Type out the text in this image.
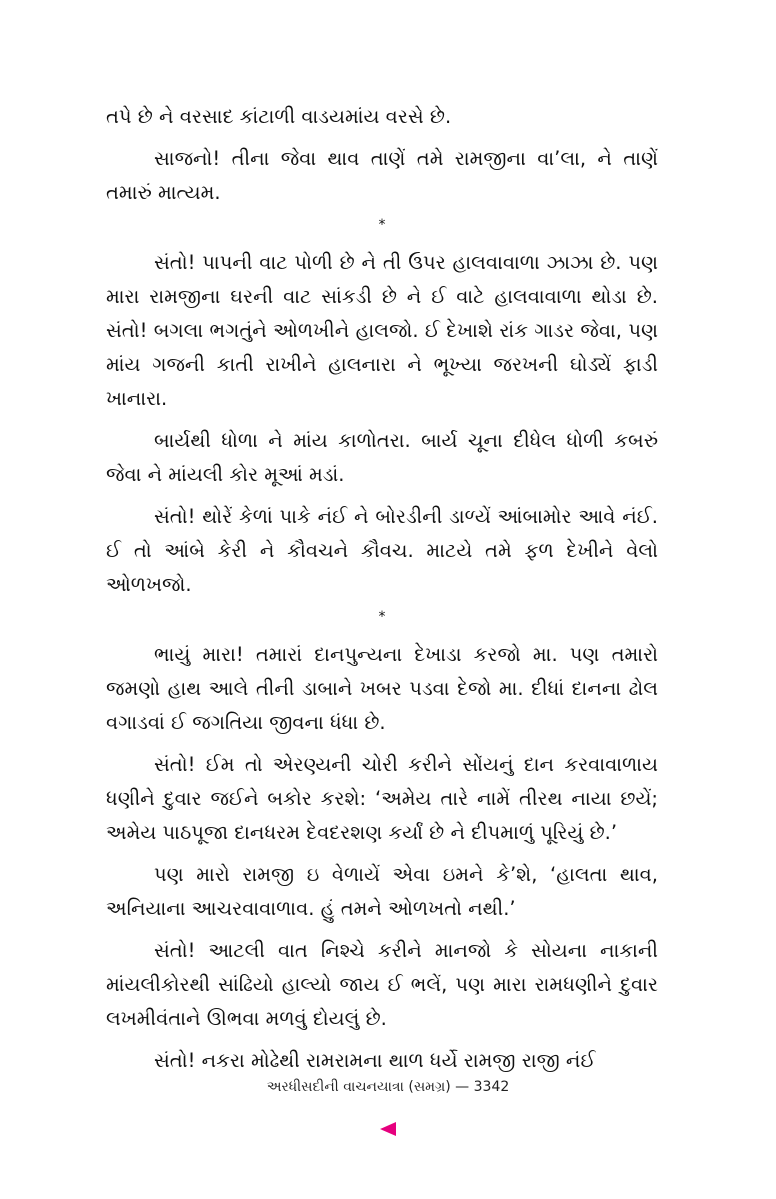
તપે છે ને વરસાદ કાંટાળી વાડયમાંય વરસે છે.

સાજનો! તીના જેવા થાવ તાણેં તમે રામજીના વા’લા, ને તાણેં તમારું માત્યમ.

*

સંતો! પાપની વાટ પોળી છે ને તી ઉપર હાલવાવાળા ઝાઝા છે. પણ મારા રામજીના ઘરની વાટ સાંકડી છે ને ઈ વાટે હાલવાવાળા થોડા છે. સંતો! બગલા ભગતુંને ઓળખીને હાલજો. ઈ દેખાશે રાંક ગાડર જેવા, પણ માંય ગજની કાતી રાખીને હાલનારા ને ભૂખ્યા જરખની ઘોડ્યેં ફાડી ખાનારા.

બાર્યથી ધોળા ને માંય કાળોતરા. બાર્ય ચૂના દીધેલ ધોળી કબરું જેવા ને માંયલી કોર મૂઆં મડાં.

સંતો! થોરેં કેળાં પાકે નંઈ ને બોરડીની ડાળ્યેં આંબામોર આવે નંઈ. ઈ તો આંબે કેરી ને કૌવચને કૌવચ. માટયે તમે ફળ દેખીને વેલો ઓળખજો.

*

ભાયું મારા! તમારાં દાનપુન્યના દેખાડા કરજો મા. પણ તમારો જમણો હાથ આલે તીની ડાબાને ખબર પડવા દેજો મા. દીધાં દાનના ઢોલ વગાડવાં ઈ જગતિયા જીવના ધંધા છે.

સંતો! ઈમ તો એરણ્યની ચોરી કરીને સોંયનું દાન કરવાવાળાય ધણીને દુવાર જઈને બકોર કરશે: ‘અમેય તારે નામેં તીરથ નાયા છયેં; અમેય પાઠપૂજા દાનધરમ દેવદરશણ કર્યાં છે ને દીપમાળું પૂરિયું છે.’

પણ મારો રામજી ઇ વેળાયેં એવા ઇમને કે’શે, ‘હાલતા થાવ, અનિયાના આચરવાવાળાવ. હું તમને ઓળખતો નથી.’

સંતો! આટલી વાત નિશ્ચે કરીને માનજો કે સોયના નાકાની માંયલીકોરથી સાંઢિયો હાલ્યો જાય ઈ ભલેં, પણ મારા રામધણીને દુવાર લખમીવંતાને ઊભવા મળવું દોયલું છે.

સંતો! નકરા મોઢેથી રામરામના થાળ ધર્યે રામજી રાજી નંઈ

અરધીસદીની વાચનયાત્રા (સમગ્ર) — 3342
